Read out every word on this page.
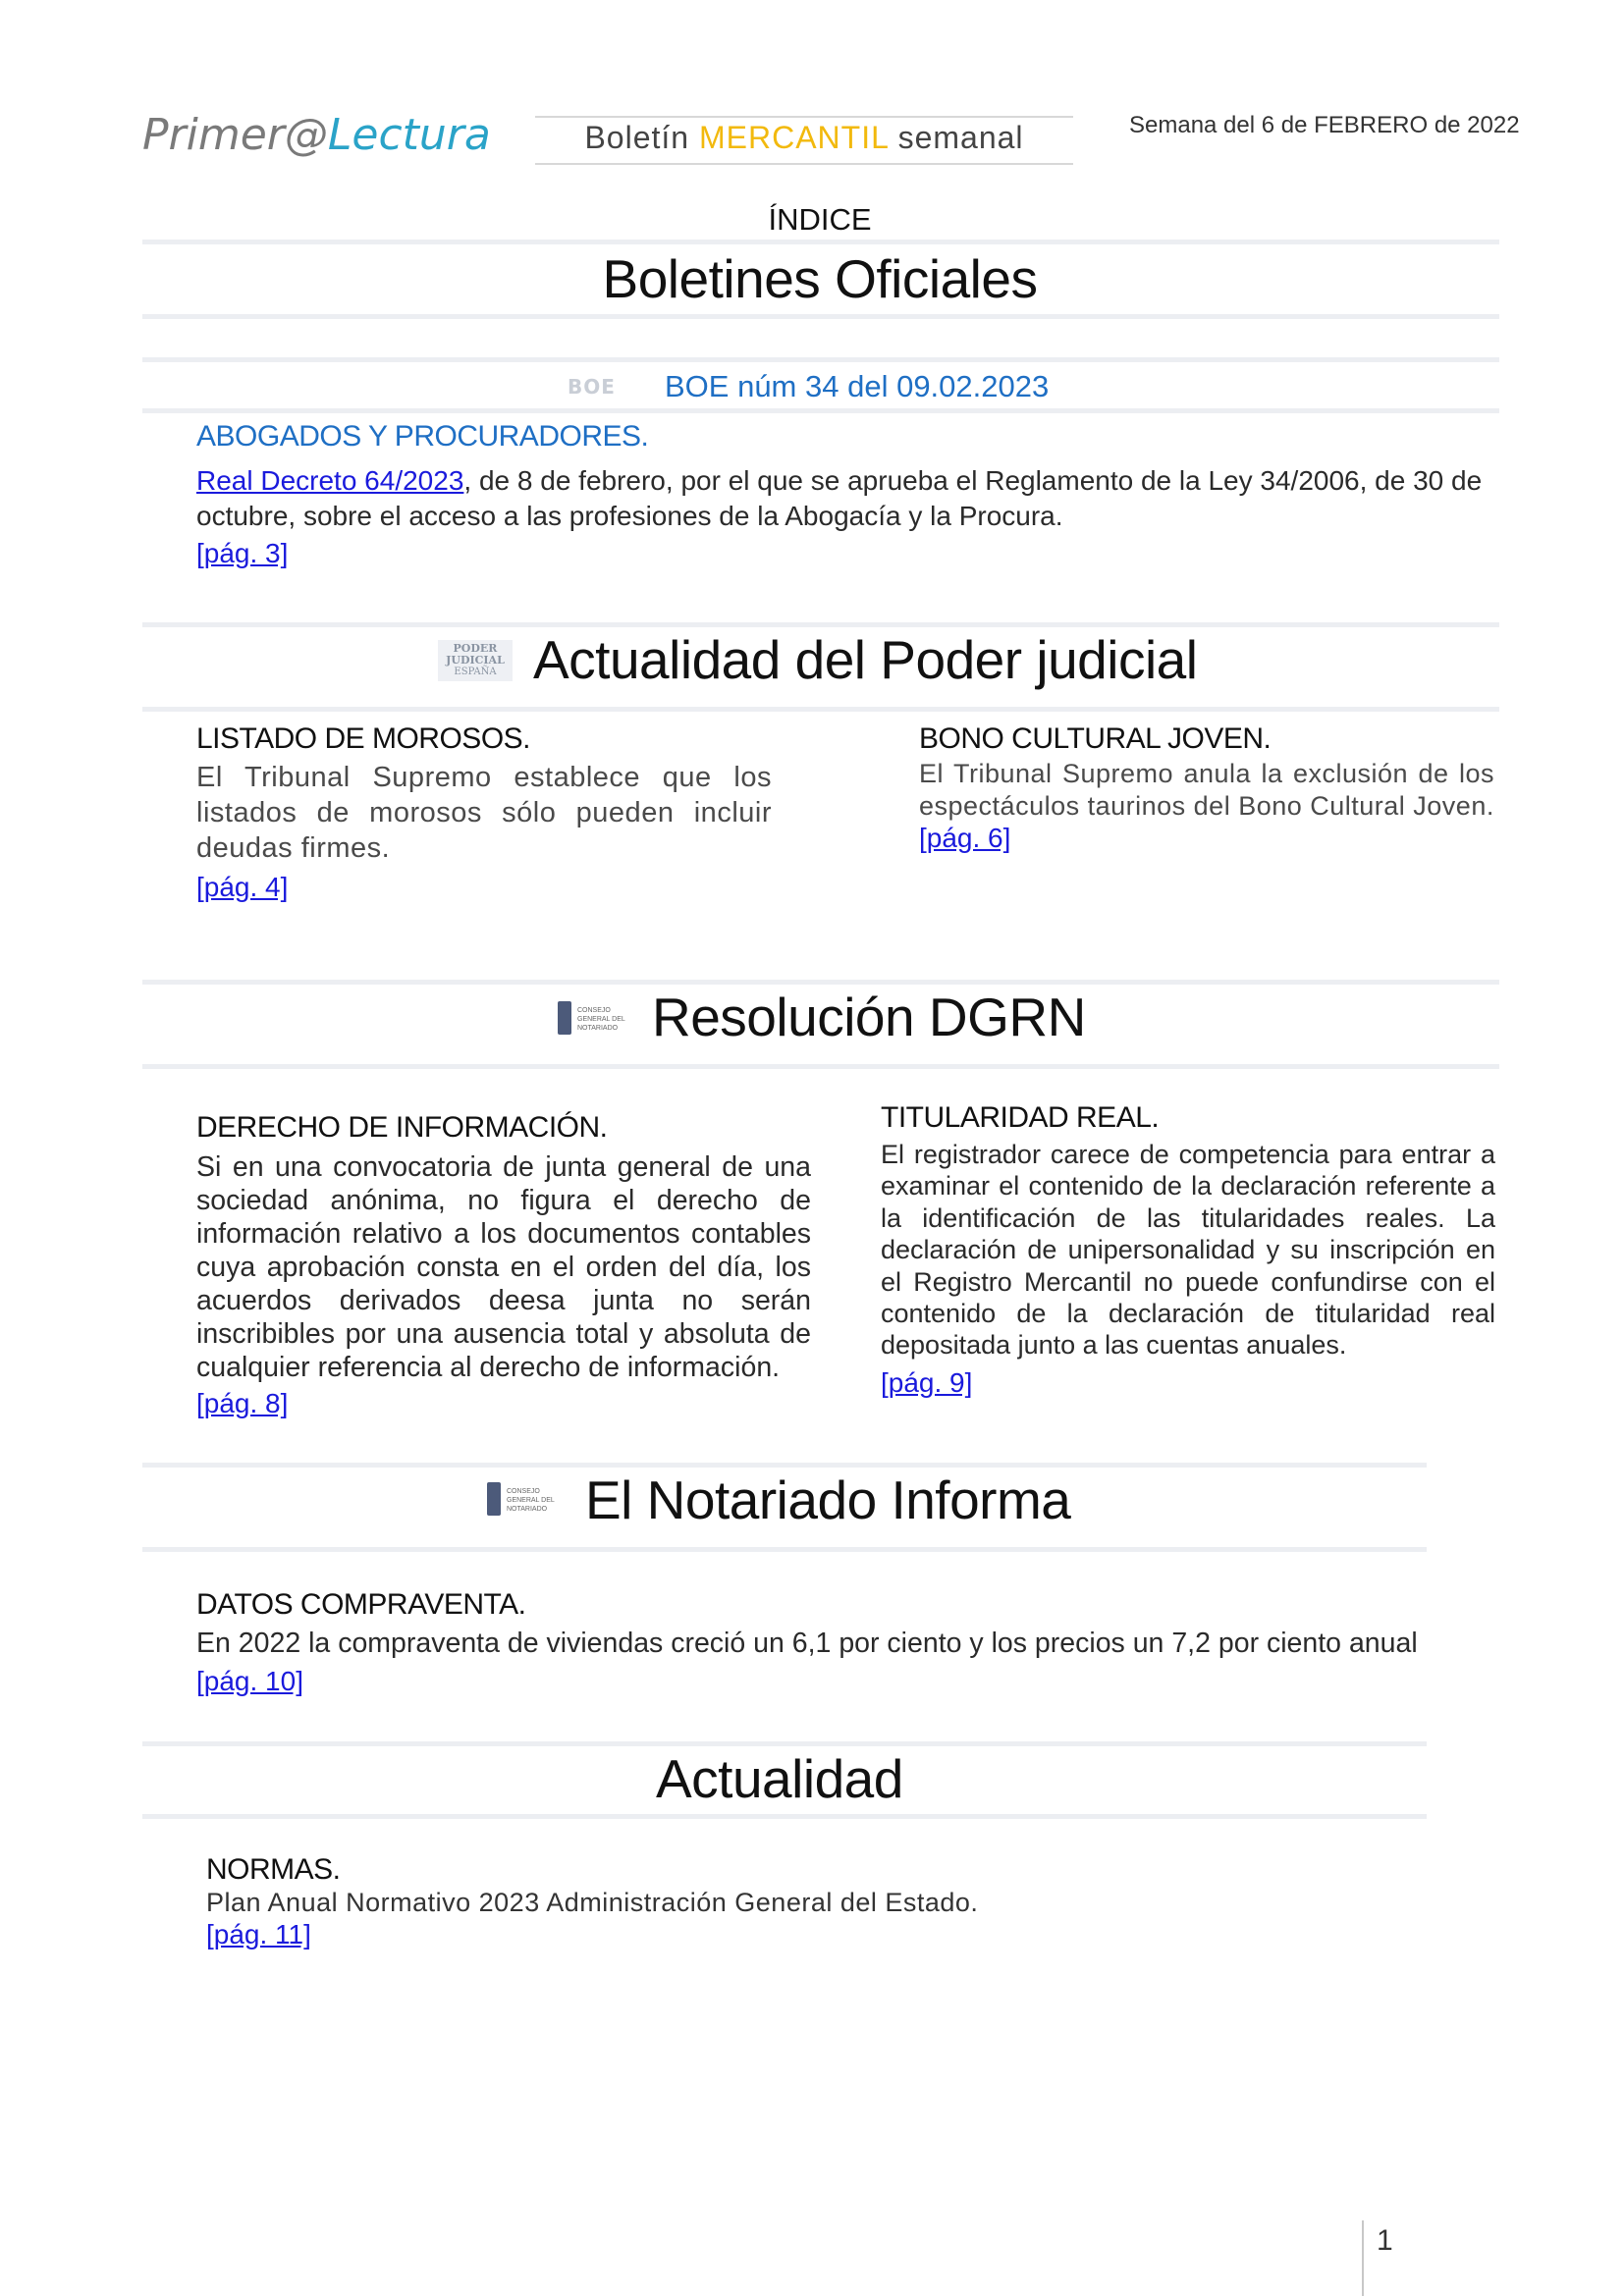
Primer@Lectura	Boletín MERCANTIL semanal	Semana del 6 de FEBRERO de 2022
ÍNDICE
Boletines Oficiales
BOE BOE núm 34 del 09.02.2023
ABOGADOS Y PROCURADORES.
Real Decreto 64/2023, de 8 de febrero, por el que se aprueba el Reglamento de la Ley 34/2006, de 30 de octubre, sobre el acceso a las profesiones de la Abogacía y la Procura.
[pág. 3]
PODER
JUDICIAL
ESPAÑA Actualidad del Poder judicial
LISTADO DE MOROSOS.
El Tribunal Supremo establece que los listados de morosos sólo pueden incluir deudas firmes.
[pág. 4]
BONO CULTURAL JOVEN.
El Tribunal Supremo anula la exclusión de los espectáculos taurinos del Bono Cultural Joven.
[pág. 6]
CONSEJO GENERAL DEL NOTARIADO Resolución DGRN
DERECHO DE INFORMACIÓN.
Si en una convocatoria de junta general de una sociedad anónima, no figura el derecho de información relativo a los documentos contables cuya aprobación consta en el orden del día, los acuerdos derivados deesa junta no serán inscribibles por una ausencia total y absoluta de cualquier referencia al derecho de información.
[pág. 8]
TITULARIDAD REAL.
El registrador carece de competencia para entrar a examinar el contenido de la declaración referente a la identificación de las titularidades reales. La declaración de unipersonalidad y su inscripción en el Registro Mercantil no puede confundirse con el contenido de la declaración de titularidad real depositada junto a las cuentas anuales.
[pág. 9]
CONSEJO GENERAL DEL NOTARIADO El Notariado Informa
DATOS COMPRAVENTA.
En 2022 la compraventa de viviendas creció un 6,1 por ciento y los precios un 7,2 por ciento anual
[pág. 10]
Actualidad
NORMAS.
Plan Anual Normativo 2023 Administración General del Estado.
[pág. 11]
1
